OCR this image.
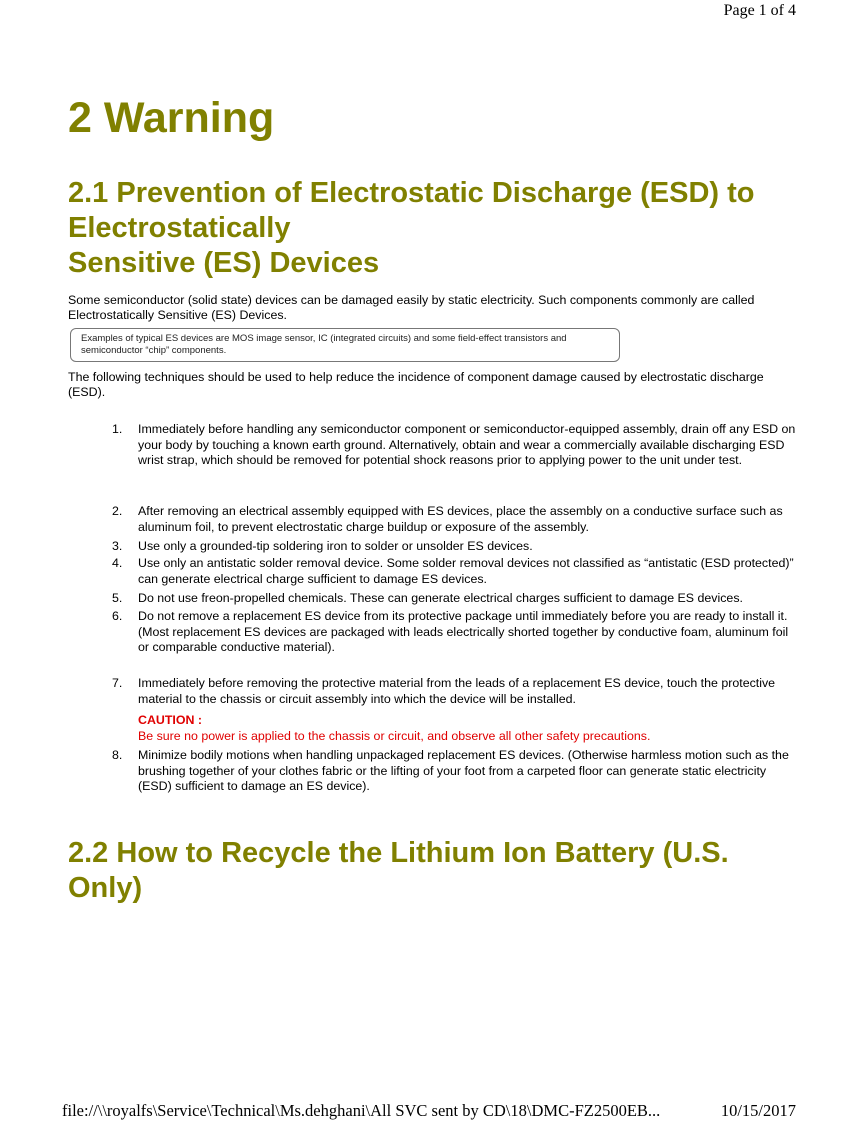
Page 1 of 4
2 Warning
2.1 Prevention of Electrostatic Discharge (ESD) to
Electrostatically
Sensitive (ES) Devices

Some semiconductor (solid state) devices can be damaged easily by static electricity. Such components commonly are called Electrostatically Sensitive (ES) Devices.

Examples of typical ES devices are MOS image sensor, IC (integrated circuits) and some field-effect transistors and semiconductor “chip” components.

The following techniques should be used to help reduce the incidence of component damage caused by electrostatic discharge (ESD).

1. Immediately before handling any semiconductor component or semiconductor-equipped assembly, drain off any ESD on your body by touching a known earth ground. Alternatively, obtain and wear a commercially available discharging ESD wrist strap, which should be removed for potential shock reasons prior to applying power to the unit under test.
2. After removing an electrical assembly equipped with ES devices, place the assembly on a conductive surface such as aluminum foil, to prevent electrostatic charge buildup or exposure of the assembly.
3. Use only a grounded-tip soldering iron to solder or unsolder ES devices.
4. Use only an antistatic solder removal device. Some solder removal devices not classified as “antistatic (ESD protected)” can generate electrical charge sufficient to damage ES devices.
5. Do not use freon-propelled chemicals. These can generate electrical charges sufficient to damage ES devices.
6. Do not remove a replacement ES device from its protective package until immediately before you are ready to install it. (Most replacement ES devices are packaged with leads electrically shorted together by conductive foam, aluminum foil or comparable conductive material).
7. Immediately before removing the protective material from the leads of a replacement ES device, touch the protective material to the chassis or circuit assembly into which the device will be installed.
CAUTION :
Be sure no power is applied to the chassis or circuit, and observe all other safety precautions.
8. Minimize bodily motions when handling unpackaged replacement ES devices. (Otherwise harmless motion such as the brushing together of your clothes fabric or the lifting of your foot from a carpeted floor can generate static electricity (ESD) sufficient to damage an ES device).
2.2 How to Recycle the Lithium Ion Battery (U.S.
Only)
file://\\royalfs\Service\Technical\Ms.dehghani\All SVC sent by CD\18\DMC-FZ2500EB...	10/15/2017
